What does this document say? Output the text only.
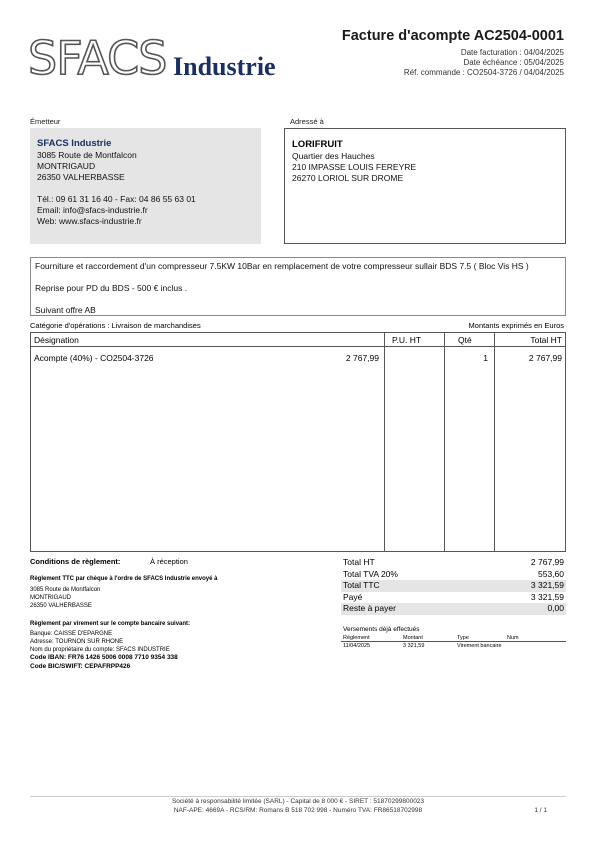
SFACS Industrie
Facture d'acompte AC2504-0001
Date facturation : 04/04/2025
Date échéance : 05/04/2025
Réf. commande : CO2504-3726 / 04/04/2025
Émetteur	Adressé à
SFACS Industrie
3085 Route de Montfalcon
MONTRIGAUD
26350 VALHERBASSE
Tél.: 09 61 31 16 40 - Fax: 04 86 55 63 01
Email: info@sfacs-industrie.fr
Web: www.sfacs-industrie.fr
LORIFRUIT
Quartier des Hauches
210 IMPASSE LOUIS FEREYRE
26270 LORIOL SUR DROME
Fourniture et raccordement d'un compresseur 7.5KW 10Bar en remplacement de votre compresseur sullair BDS 7.5 ( Bloc Vis HS )
Reprise pour PD du BDS - 500 € inclus .
Suivant offre AB
Catégorie d'opérations : Livraison de marchandises	Montants exprimés en Euros
Désignation	P.U. HT	Qté	Total HT
Acompte (40%) - CO2504-3726	2 767,99	1	2 767,99
Conditions de règlement:	À réception
Règlement TTC par chèque à l'ordre de SFACS Industrie envoyé à
3085 Route de Montfalcon
MONTRIGAUD
26350 VALHERBASSE
Règlement par virement sur le compte bancaire suivant:
Banque: CAISSE D'EPARGNE
Adresse: TOURNON SUR RHONE
Nom du propriétaire du compte: SFACS INDUSTRIE
Code IBAN: FR76 1426 5006 0008 7710 9354 338
Code BIC/SWIFT: CEPAFRPP426
Total HT	2 767,99
Total TVA 20%	553,60
Total TTC	3 321,59
Payé	3 321,59
Reste à payer	0,00
Versements déjà effectués
Règlement	Montant	Type	Num
11/04/2025	3 321,59	Virement bancaire
Société à responsabilité limitée (SARL) - Capital de 8 000 € - SIRET : 51870299800023
NAF-APE: 4669A - RCS/RM: Romans B 518 702 998 - Numéro TVA: FR86518702998	1 / 1
